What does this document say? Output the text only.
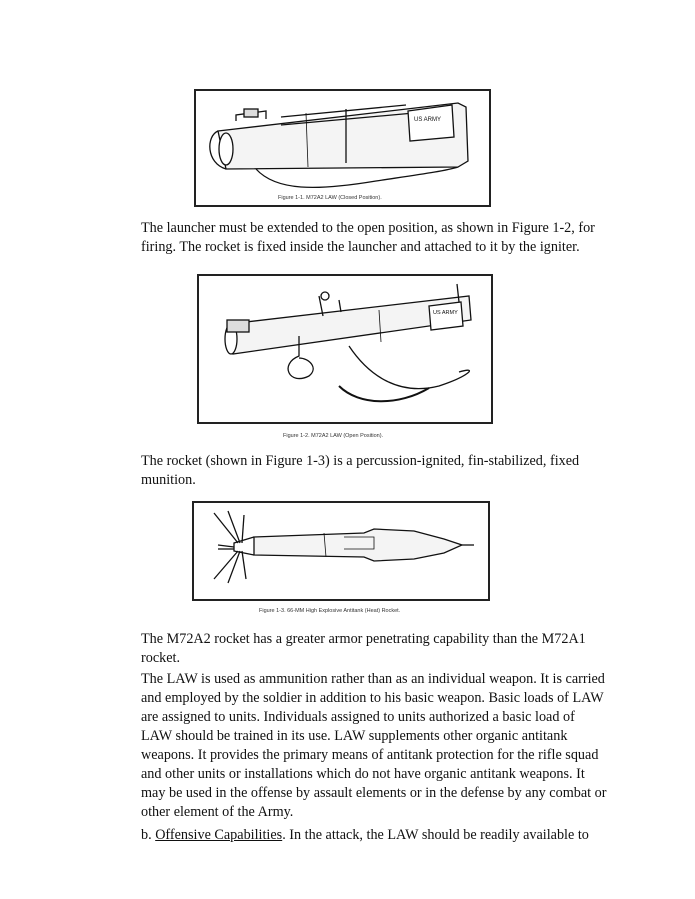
US ARMY
Figure 1-1. M72A2 LAW (Closed Position).
The launcher must be extended to the open position, as shown in Figure 1-2, for
firing. The rocket is fixed inside the launcher and attached to it by the igniter.
US ARMY
Figure 1-2. M72A2 LAW (Open Position).
The rocket (shown in Figure 1-3) is a percussion-ignited, fin-stabilized, fixed
munition.
Figure 1-3. 66-MM High Explosive Antitank (Heat) Rocket.
The M72A2 rocket has a greater armor penetrating capability than the M72A1
rocket.
The LAW is used as ammunition rather than as an individual weapon. It is carried
and employed by the soldier in addition to his basic weapon. Basic loads of LAW
are assigned to units. Individuals assigned to units authorized a basic load of
LAW should be trained in its use. LAW supplements other organic antitank
weapons. It provides the primary means of antitank protection for the rifle squad
and other units or installations which do not have organic antitank weapons. It
may be used in the offense by assault elements or in the defense by any combat or
other element of the Army.
b. Offensive Capabilities. In the attack, the LAW should be readily available to
